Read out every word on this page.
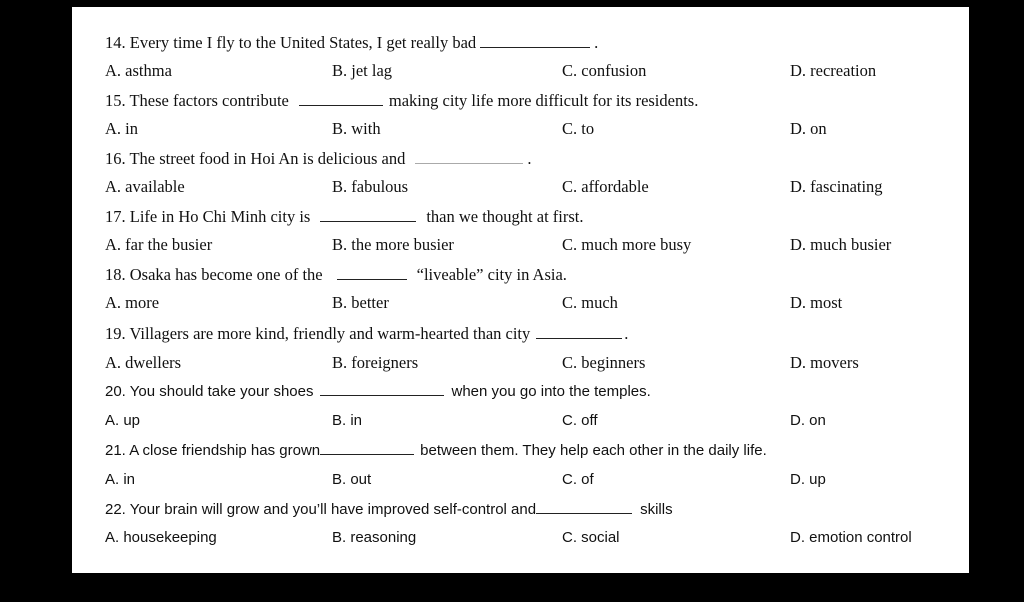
14. Every time I fly to the United States, I get really bad	.
A. asthma	B. jet lag	C. confusion	D. recreation
15. These factors contribute	making city life more difficult for its residents.
A. in	B. with	C. to	D. on
16. The street food in Hoi An is delicious and	.
A. available	B. fabulous	C. affordable	D. fascinating
17. Life in Ho Chi Minh city is	than we thought at first.
A. far the busier	B. the more busier	C. much more busy	D. much busier
18. Osaka has become one of the	“liveable” city in Asia.
A. more	B. better	C. much	D. most
19. Villagers are more kind, friendly and warm-hearted than city	.
A. dwellers	B. foreigners	C. beginners	D. movers
20. You should take your shoes	when you go into the temples.
A. up	B. in	C. off	D. on
21. A close friendship has grown	between them. They help each other in the daily life.
A. in	B. out	C. of	D. up
22. Your brain will grow and you’ll have improved self-control and	skills
A. housekeeping	B. reasoning	C. social	D. emotion control
